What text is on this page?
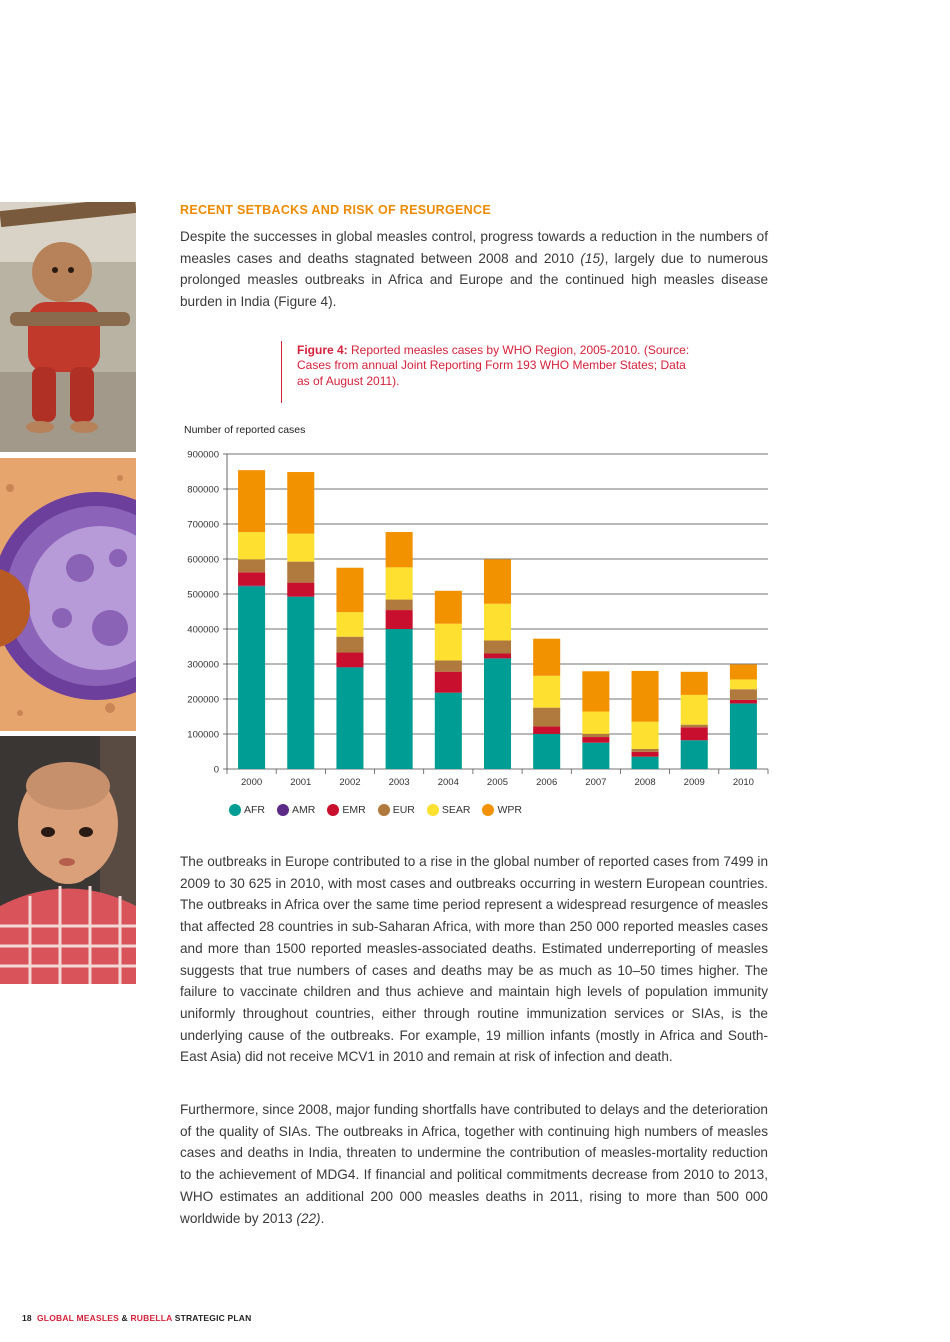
RECENT SETBACKS AND RISK OF RESURGENCE

Despite the successes in global measles control, progress towards a reduction in the numbers of measles cases and deaths stagnated between 2008 and 2010 (15), largely due to numerous prolonged measles outbreaks in Africa and Europe and the continued high measles disease burden in India (Figure 4).

Figure 4: Reported measles cases by WHO Region, 2005-2010. (Source: Cases from annual Joint Reporting Form 193 WHO Member States; Data as of August 2011).
Number of reported cases
0
100000
200000
300000
400000
500000
600000
700000
800000
900000
2000	2001	2002	2003	2004	2005	2006	2007	2008	2009	2010
AFR	AMR	EMR	EUR	SEAR	WPR

The outbreaks in Europe contributed to a rise in the global number of reported cases from 7499 in 2009 to 30 625 in 2010, with most cases and outbreaks occurring in western European countries. The outbreaks in Africa over the same time period represent a widespread resurgence of measles that affected 28 countries in sub-Saharan Africa, with more than 250 000 reported measles cases and more than 1500 reported measles-associated deaths. Estimated underreporting of measles suggests that true numbers of cases and deaths may be as much as 10–50 times higher. The failure to vaccinate children and thus achieve and maintain high levels of population immunity uniformly throughout countries, either through routine immunization services or SIAs, is the underlying cause of the outbreaks. For example, 19 million infants (mostly in Africa and South-East Asia) did not receive MCV1 in 2010 and remain at risk of infection and death.

Furthermore, since 2008, major funding shortfalls have contributed to delays and the deterioration of the quality of SIAs. The outbreaks in Africa, together with continuing high numbers of measles cases and deaths in India, threaten to undermine the contribution of measles-mortality reduction to the achievement of MDG4. If financial and political commitments decrease from 2010 to 2013, WHO estimates an additional 200 000 measles deaths in 2011, rising to more than 500 000 worldwide by 2013 (22).

18 GLOBAL MEASLES & RUBELLA STRATEGIC PLAN
